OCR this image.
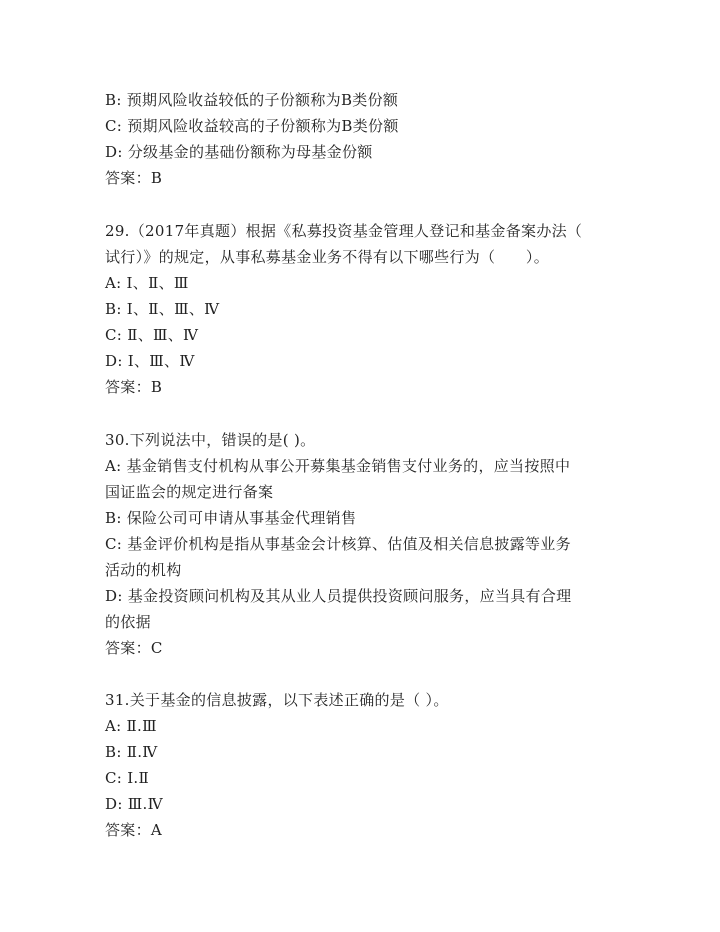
B: 预期风险收益较低的子份额称为B类份额
C: 预期风险收益较高的子份额称为B类份额
D: 分级基金的基础份额称为母基金份额
答案：B
29.（2017年真题）根据《私募投资基金管理人登记和基金备案办法（
试行）》的规定，从事私募基金业务不得有以下哪些行为（　　）。
A: Ⅰ、Ⅱ、Ⅲ
B: Ⅰ、Ⅱ、Ⅲ、Ⅳ
C: Ⅱ、Ⅲ、Ⅳ
D: Ⅰ、Ⅲ、Ⅳ
答案：B
30.下列说法中，错误的是( )。
A: 基金销售支付机构从事公开募集基金销售支付业务的，应当按照中
国证监会的规定进行备案
B: 保险公司可申请从事基金代理销售
C: 基金评价机构是指从事基金会计核算、估值及相关信息披露等业务
活动的机构
D: 基金投资顾问机构及其从业人员提供投资顾问服务，应当具有合理
的依据
答案：C
31.关于基金的信息披露，以下表述正确的是（ ）。
A: Ⅱ.Ⅲ
B: Ⅱ.Ⅳ
C: Ⅰ.Ⅱ
D: Ⅲ.Ⅳ
答案：A
